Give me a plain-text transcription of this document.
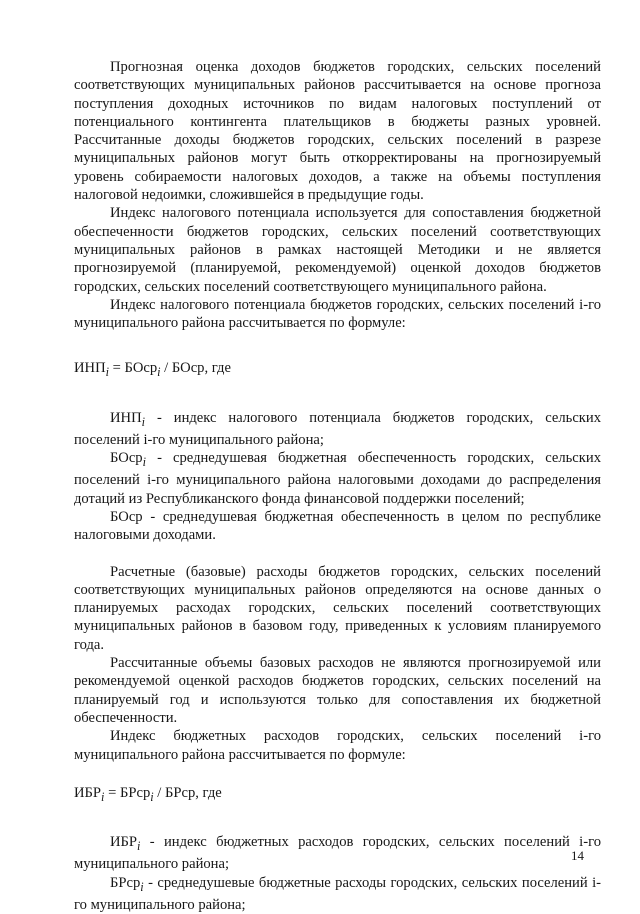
Прогнозная оценка доходов бюджетов городских, сельских поселений соответствующих муниципальных районов рассчитывается на основе прогноза поступления доходных источников по видам налоговых поступлений от потенциального контингента плательщиков в бюджеты разных уровней. Рассчитанные доходы бюджетов городских, сельских поселений в разрезе муниципальных районов могут быть откорректированы на прогнозируемый уровень собираемости налоговых доходов, а также на объемы поступления налоговой недоимки, сложившейся в предыдущие годы.

Индекс налогового потенциала используется для сопоставления бюджетной обеспеченности бюджетов городских, сельских поселений соответствующих муниципальных районов в рамках настоящей Методики и не является прогнозируемой (планируемой, рекомендуемой) оценкой доходов бюджетов городских, сельских поселений соответствующего муниципального района.

Индекс налогового потенциала бюджетов городских, сельских поселений i-го муниципального района рассчитывается по формуле:

$ИНП_i$ = БОср$_i$ / БОср, где

$ИНП_i$ - индекс налогового потенциала бюджетов городских, сельских поселений i-го муниципального района;

БОср$_i$ - среднедушевая бюджетная обеспеченность городских, сельских поселений i-го муниципального района налоговыми доходами до распределения дотаций из Республиканского фонда финансовой поддержки поселений;

БОср - среднедушевая бюджетная обеспеченность в целом по республике налоговыми доходами.

Расчетные (базовые) расходы бюджетов городских, сельских поселений соответствующих муниципальных районов определяются на основе данных о планируемых расходах городских, сельских поселений соответствующих муниципальных районов в базовом году, приведенных к условиям планируемого года.

Рассчитанные объемы базовых расходов не являются прогнозируемой или рекомендуемой оценкой расходов бюджетов городских, сельских поселений на планируемый год и используются только для сопоставления их бюджетной обеспеченности.

Индекс бюджетных расходов городских, сельских поселений i-го муниципального района рассчитывается по формуле:

$ИБР_i$ = БРср$_i$ / БРср, где

$ИБР_i$ - индекс бюджетных расходов городских, сельских поселений i-го муниципального района;

БРср$_i$ - среднедушевые бюджетные расходы городских, сельских поселений i-го муниципального района;

14
